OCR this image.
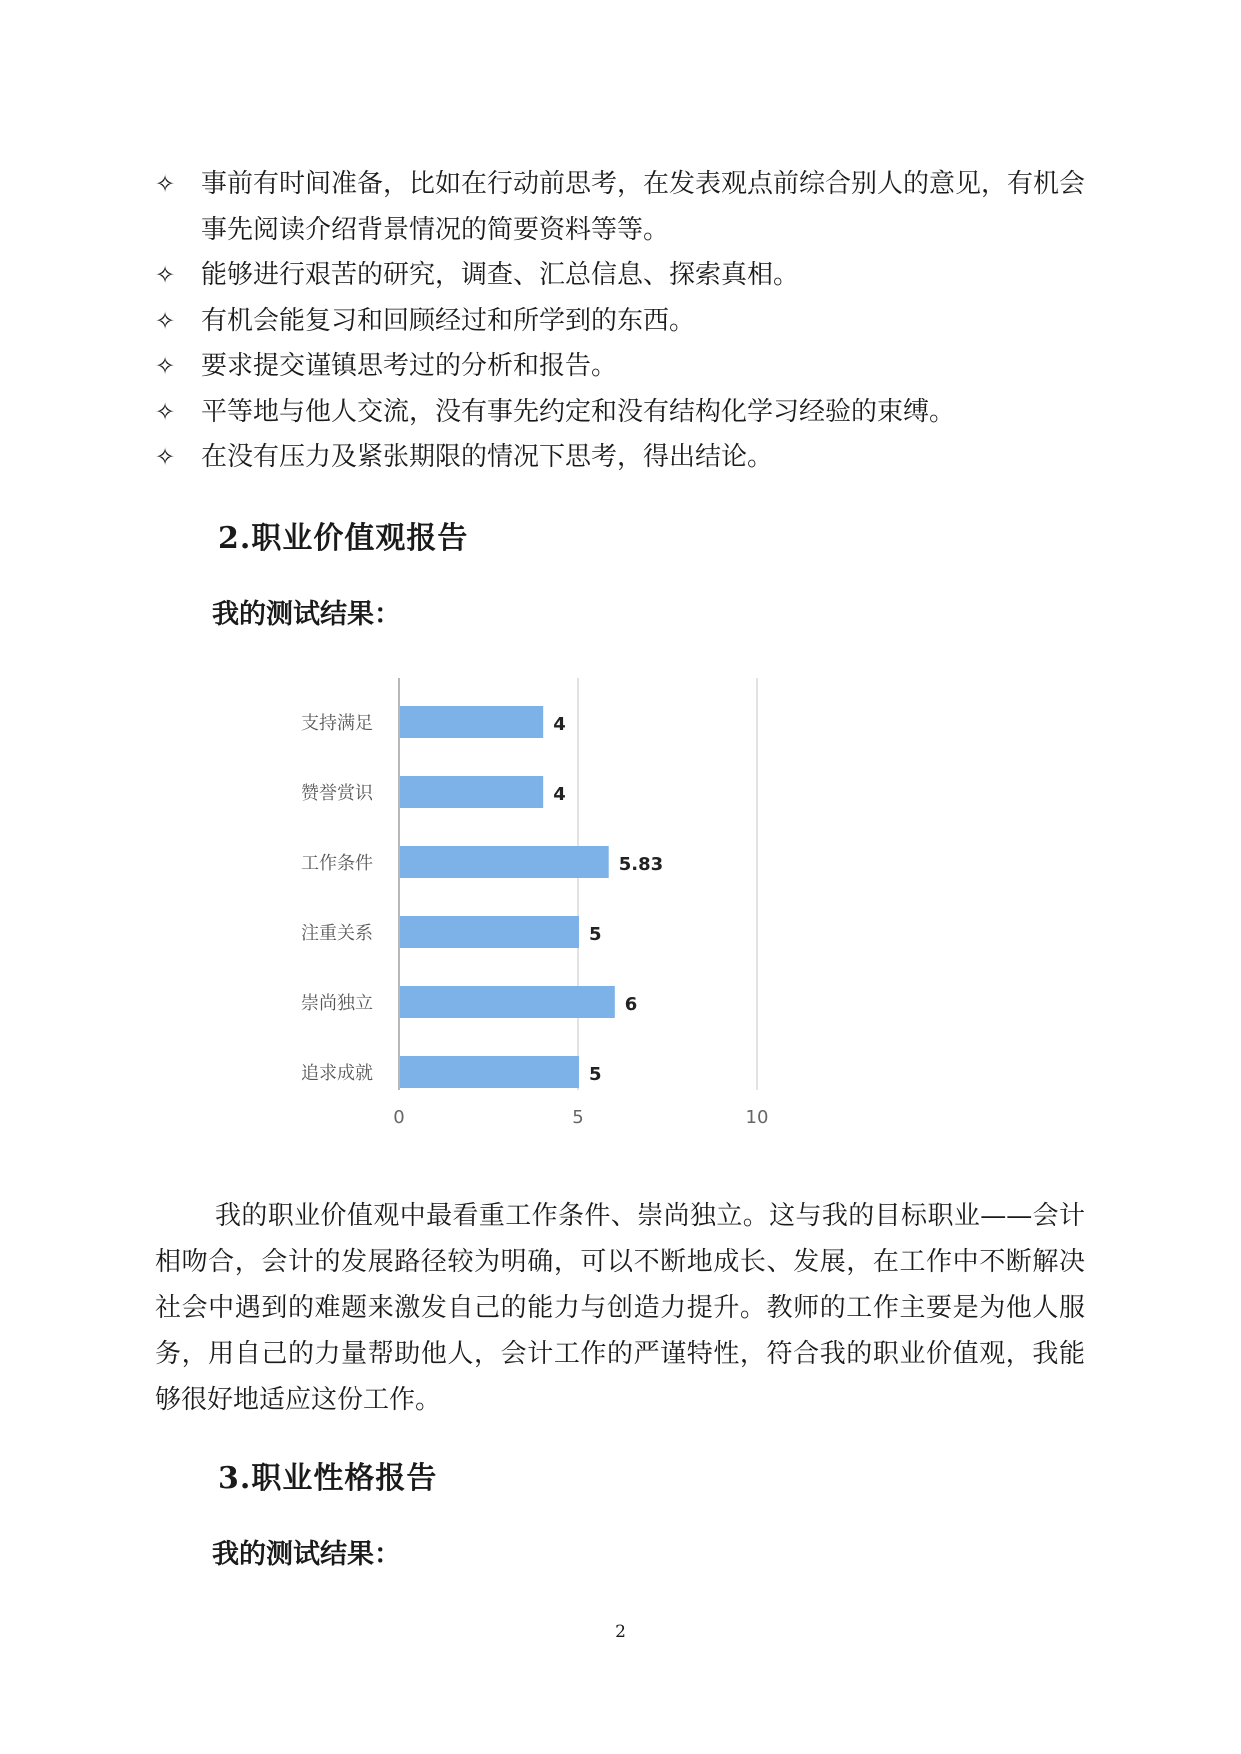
✧ 事前有时间准备，比如在行动前思考，在发表观点前综合别人的意见，有机会事先阅读介绍背景情况的简要资料等等。
✧ 能够进行艰苦的研究，调查、汇总信息、探索真相。
✧ 有机会能复习和回顾经过和所学到的东西。
✧ 要求提交谨镇思考过的分析和报告。
✧ 平等地与他人交流，没有事先约定和没有结构化学习经验的束缚。
✧ 在没有压力及紧张期限的情况下思考，得出结论。
2.职业价值观报告
我的测试结果：
支持满足	4
赞誉赏识	4
工作条件	5.83
注重关系	5
崇尚独立	6
追求成就	5
0	5	10

我的职业价值观中最看重工作条件、崇尚独立。这与我的目标职业——会计相吻合，会计的发展路径较为明确，可以不断地成长、发展，在工作中不断解决社会中遇到的难题来激发自己的能力与创造力提升。教师的工作主要是为他人服务，用自己的力量帮助他人，会计工作的严谨特性，符合我的职业价值观，我能够很好地适应这份工作。

3.职业性格报告
我的测试结果：
2
